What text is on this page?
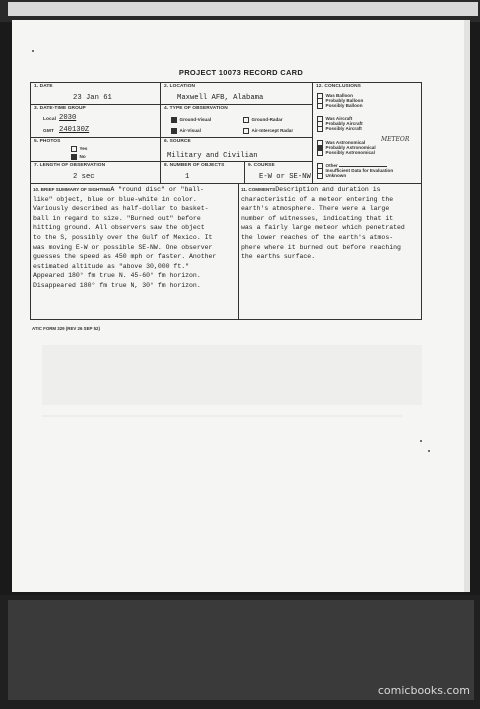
PROJECT 10073 RECORD CARD
1. DATE
23 Jan 61
2. LOCATION
Maxwell AFB, Alabama
3. DATE-TIME GROUP
Local 2030
GMT 240130Z
4. TYPE OF OBSERVATION
Ground-Visual	Ground-Radar
Air-Visual	Air-Intercept Radar
5. PHOTOS
Yes
No
6. SOURCE
Military and Civilian
7. LENGTH OF OBSERVATION
2 sec
8. NUMBER OF OBJECTS
1
9. COURSE
E-W or SE-NW
12. CONCLUSIONS
Was Balloon
Probably Balloon
Possibly Balloon
Was Aircraft
Probably Aircraft
Possibly Aircraft
Was Astronomical	METEOR
Probably Astronomical
Possibly Astronomical
Other
Insufficient Data for Evaluation
Unknown
10. BRIEF SUMMARY OF SIGHTINGA "round disc" or "ball-
like" object, blue or blue-white in color.
Variously described as half-dollar to basket-
ball in regard to size. "Burned out" before
hitting ground. All observers saw the object
to the S, possibly over the Gulf of Mexico. It
was moving E-W or possible SE-NW. One observer
guesses the speed as 450 mph or faster. Another
estimated altitude as "above 30,000 ft."
Appeared 180° fm true N. 45-60° fm horizon.
Disappeared 180° fm true N, 30° fm horizon.
11. COMMENTSDescription and duration is
characteristic of a meteor entering the
earth's atmosphere. There were a large
number of witnesses, indicating that it
was a fairly large meteor which penetrated
the lower reaches of the earth's atmos-
phere where it burned out before reaching
the earths surface.
ATIC FORM 329 (REV 26 SEP 52)
comicbooks.com
